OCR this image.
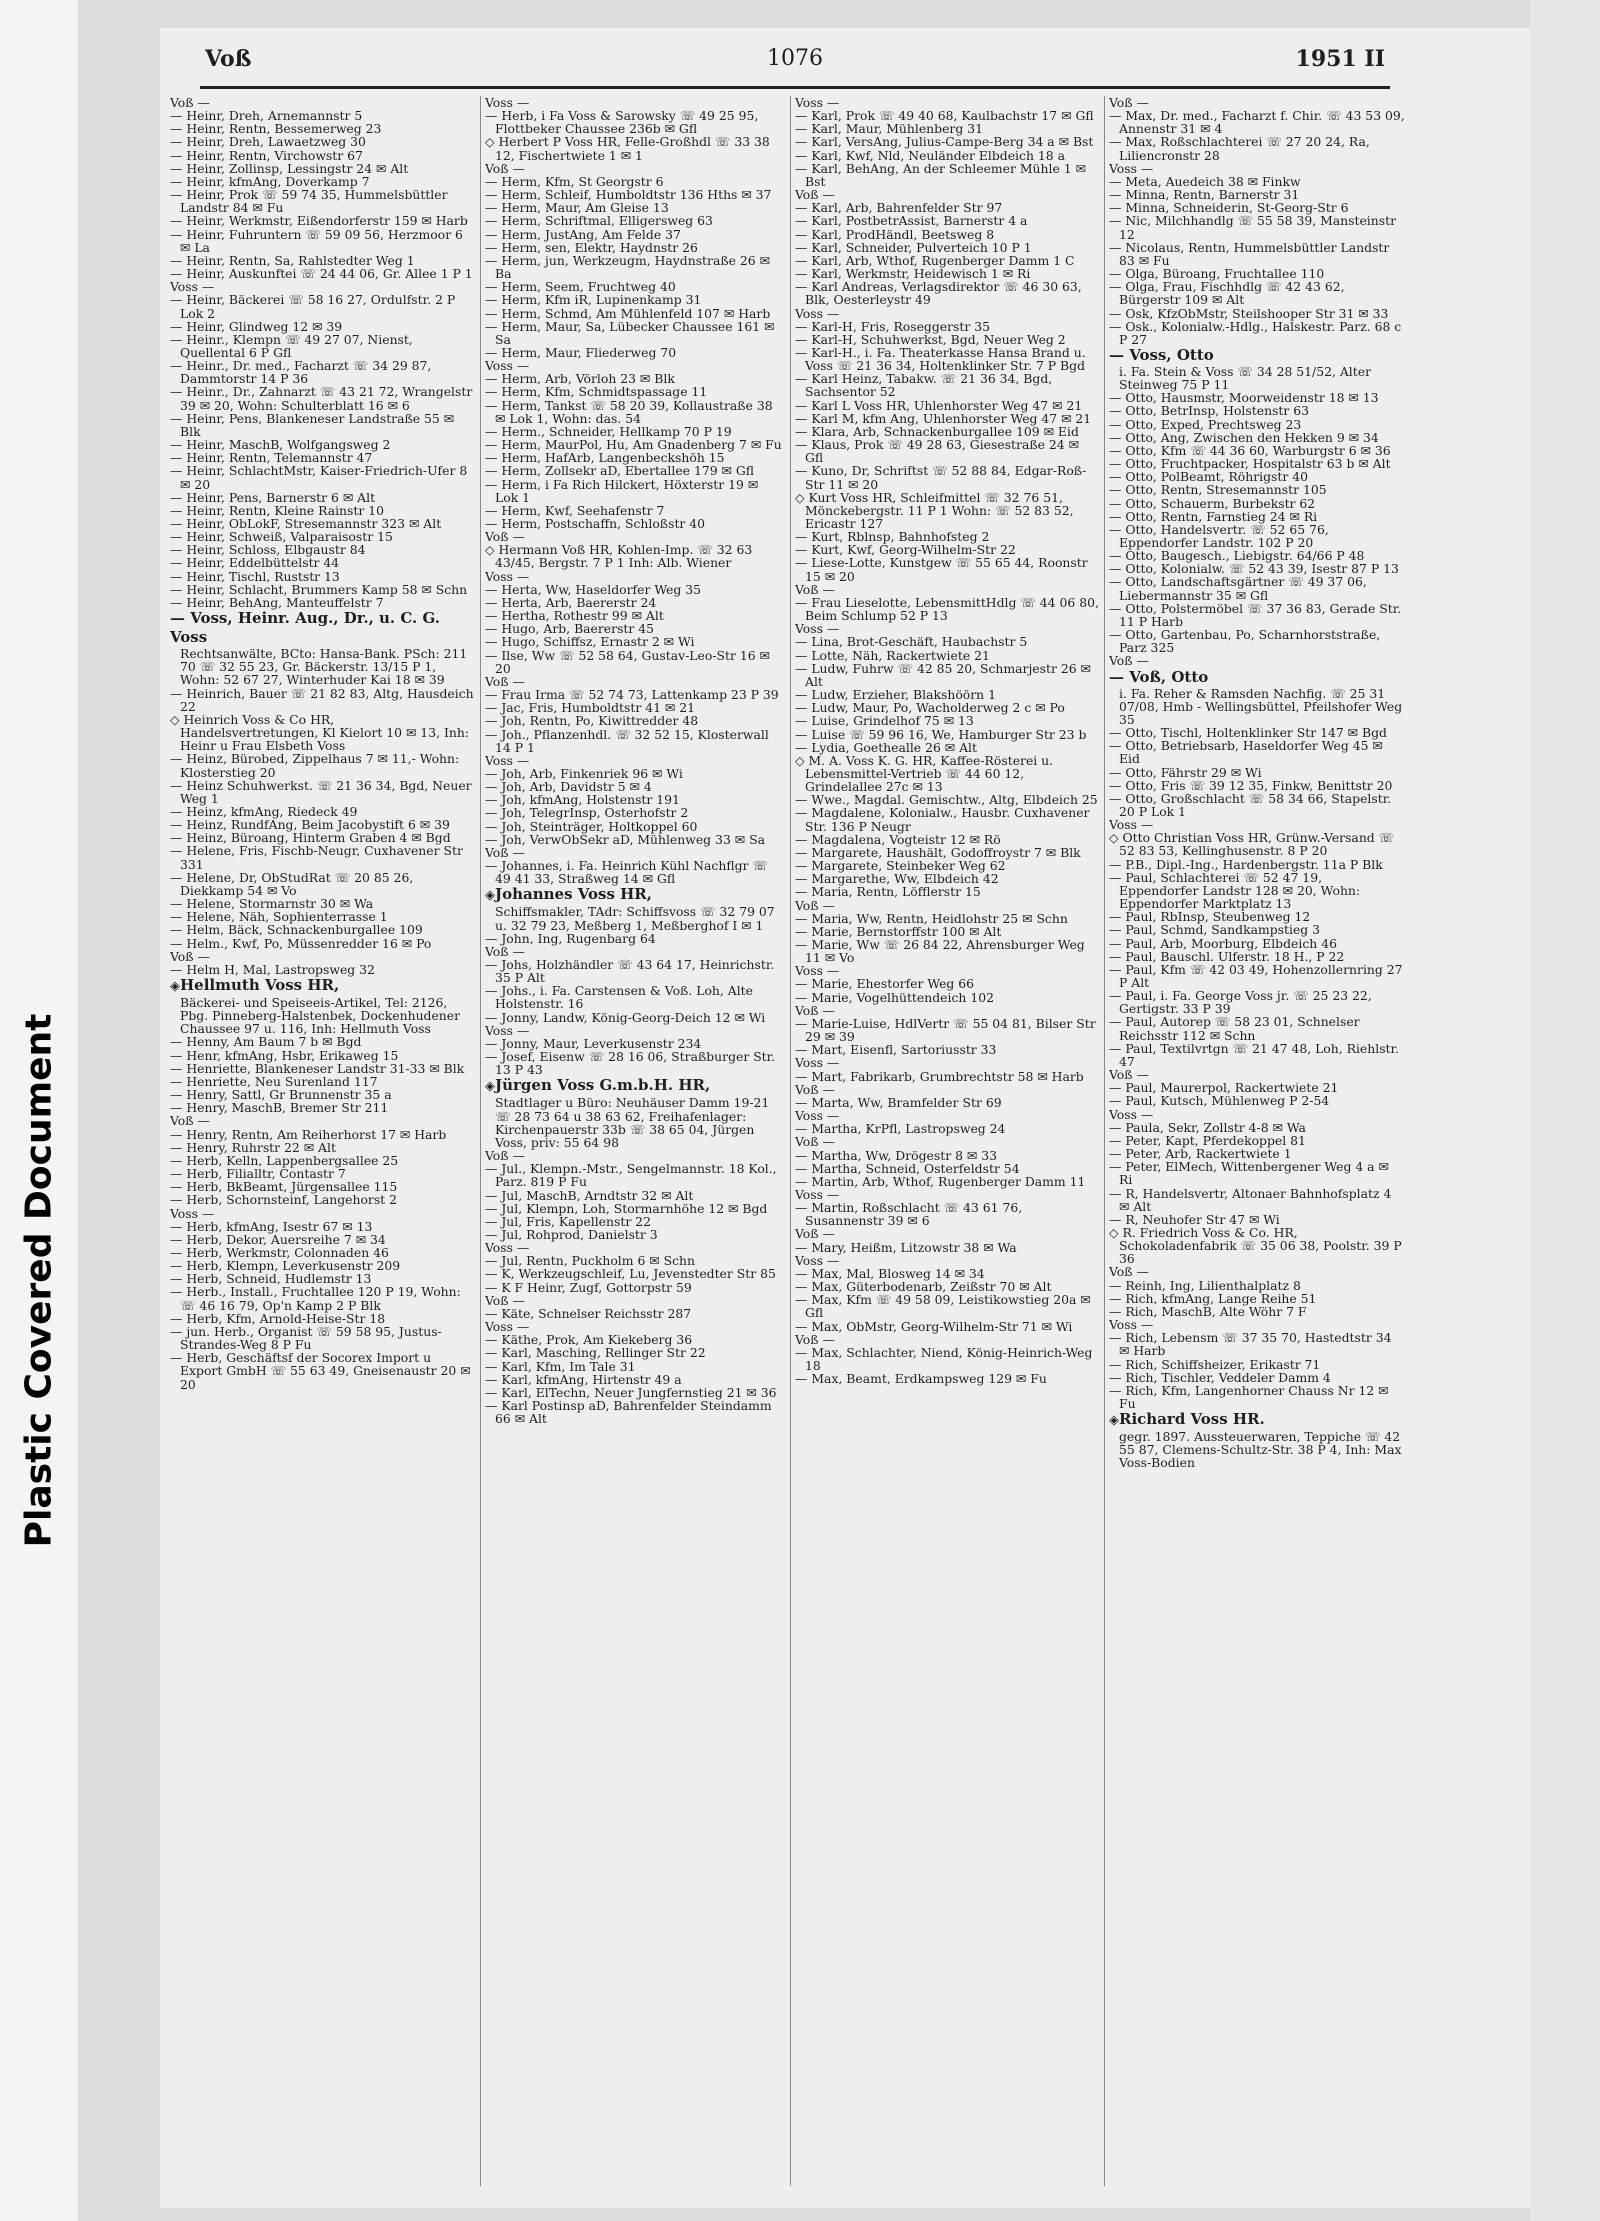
Plastic Covered Document
Voß	1076	1951 II
Voß —
— Heinr, Dreh, Arnemannstr 5
— Heinr, Rentn, Bessemerweg 23
— Heinr, Dreh, Lawaetzweg 30
— Heinr, Rentn, Virchowstr 67
— Heinr, Zollinsp, Lessingstr 24 ✉ Alt
— Heinr, kfmAng, Doverkamp 7
— Heinr, Prok ☏ 59 74 35, Hummelsbüttler Landstr 84 ✉ Fu
— Heinr, Werkmstr, Eißendorferstr 159 ✉ Harb
— Heinr, Fuhruntern ☏ 59 09 56, Herzmoor 6 ✉ La
— Heinr, Rentn, Sa, Rahlstedter Weg 1
— Heinr, Auskunftei ☏ 24 44 06, Gr. Allee 1 P 1
Voss —
— Heinr, Bäckerei ☏ 58 16 27, Ordulfstr. 2 P Lok 2
— Heinr, Glindweg 12 ✉ 39
— Heinr., Klempn ☏ 49 27 07, Nienst, Quellental 6 P Gfl
— Heinr., Dr. med., Facharzt ☏ 34 29 87, Dammtorstr 14 P 36
— Heinr., Dr., Zahnarzt ☏ 43 21 72, Wrangelstr 39 ✉ 20, Wohn: Schulterblatt 16 ✉ 6
— Heinr, Pens, Blankeneser Landstraße 55 ✉ Blk
— Heinr, MaschB, Wolfgangsweg 2
— Heinr, Rentn, Telemannstr 47
— Heinr, SchlachtMstr, Kaiser-Friedrich-Ufer 8 ✉ 20
— Heinr, Pens, Barnerstr 6 ✉ Alt
— Heinr, Rentn, Kleine Rainstr 10
— Heinr, ObLokF, Stresemannstr 323 ✉ Alt
— Heinr, Schweiß, Valparaisostr 15
— Heinr, Schloss, Elbgaustr 84
— Heinr, Eddelbüttelstr 44
— Heinr, Tischl, Ruststr 13
— Heinr, Schlacht, Brummers Kamp 58 ✉ Schn
— Heinr, BehAng, Manteuffelstr 7
— Voss, Heinr. Aug., Dr., u. C. G. Voss
Rechtsanwälte, BCto: Hansa-Bank. PSch: 211 70 ☏ 32 55 23, Gr. Bäckerstr. 13/15 P 1, Wohn: 52 67 27, Winterhuder Kai 18 ✉ 39
— Heinrich, Bauer ☏ 21 82 83, Altg, Hausdeich 22
◇ Heinrich Voss & Co HR, Handelsvertretungen, Kl Kielort 10 ✉ 13, Inh: Heinr u Frau Elsbeth Voss
— Heinz, Bürobed, Zippelhaus 7 ✉ 11,- Wohn: Klosterstieg 20
— Heinz Schuhwerkst. ☏ 21 36 34, Bgd, Neuer Weg 1
— Heinz, kfmAng, Riedeck 49
— Heinz, RundfAng, Beim Jacobystift 6 ✉ 39
— Heinz, Büroang, Hinterm Graben 4 ✉ Bgd
— Helene, Fris, Fischb-Neugr, Cuxhavener Str 331
— Helene, Dr, ObStudRat ☏ 20 85 26, Diekkamp 54 ✉ Vo
— Helene, Stormarnstr 30 ✉ Wa
— Helene, Näh, Sophienterrasse 1
— Helm, Bäck, Schnackenburgallee 109
— Helm., Kwf, Po, Müssenredder 16 ✉ Po
Voß —
— Helm H, Mal, Lastropsweg 32
◈ Hellmuth Voss HR,
Bäckerei- und Speiseeis-Artikel, Tel: 2126, Pbg. Pinneberg-Halstenbek, Dockenhudener Chaussee 97 u. 116, Inh: Hellmuth Voss
— Henny, Am Baum 7 b ✉ Bgd
— Henr, kfmAng, Hsbr, Erikaweg 15
— Henriette, Blankeneser Landstr 31-33 ✉ Blk
— Henriette, Neu Surenland 117
— Henry, Sattl, Gr Brunnenstr 35 a
— Henry, MaschB, Bremer Str 211
Voß —
— Henry, Rentn, Am Reiherhorst 17 ✉ Harb
— Henry, Ruhrstr 22 ✉ Alt
— Herb, Kelln, Lappenbergsallee 25
— Herb, Filialltr, Contastr 7
— Herb, BkBeamt, Jürgensallee 115
— Herb, Schornsteinf, Langehorst 2
Voss —
— Herb, kfmAng, Isestr 67 ✉ 13
— Herb, Dekor, Auersreihe 7 ✉ 34
— Herb, Werkmstr, Colonnaden 46
— Herb, Klempn, Leverkusenstr 209
— Herb, Schneid, Hudlemstr 13
— Herb., Install., Fruchtallee 120 P 19, Wohn: ☏ 46 16 79, Op'n Kamp 2 P Blk
— Herb, Kfm, Arnold-Heise-Str 18
— jun. Herb., Organist ☏ 59 58 95, Justus-Strandes-Weg 8 P Fu
— Herb, Geschäftsf der Socorex Import u Export GmbH ☏ 55 63 49, Gneisenaustr 20 ✉ 20
Voss —
— Herb, i Fa Voss & Sarowsky ☏ 49 25 95, Flottbeker Chaussee 236b ✉ Gfl
◇ Herbert P Voss HR, Felle-Großhdl ☏ 33 38 12, Fischertwiete 1 ✉ 1
Voß —
— Herm, Kfm, St Georgstr 6
— Herm, Schleif, Humboldtstr 136 Hths ✉ 37
— Herm, Maur, Am Gleise 13
— Herm, Schriftmal, Elligersweg 63
— Herm, JustAng, Am Felde 37
— Herm, sen, Elektr, Haydnstr 26
— Herm, jun, Werkzeugm, Haydnstraße 26 ✉ Ba
— Herm, Seem, Fruchtweg 40
— Herm, Kfm iR, Lupinenkamp 31
— Herm, Schmd, Am Mühlenfeld 107 ✉ Harb
— Herm, Maur, Sa, Lübecker Chaussee 161 ✉ Sa
— Herm, Maur, Fliederweg 70
Voss —
— Herm, Arb, Vörloh 23 ✉ Blk
— Herm, Kfm, Schmidtspassage 11
— Herm, Tankst ☏ 58 20 39, Kollaustraße 38 ✉ Lok 1, Wohn: das. 54
— Herm., Schneider, Hellkamp 70 P 19
— Herm, MaurPol, Hu, Am Gnadenberg 7 ✉ Fu
— Herm, HafArb, Langenbeckshöh 15
— Herm, Zollsekr aD, Ebertallee 179 ✉ Gfl
— Herm, i Fa Rich Hilckert, Höxterstr 19 ✉ Lok 1
— Herm, Kwf, Seehafenstr 7
— Herm, Postschaffn, Schloßstr 40
Voß —
◇ Hermann Voß HR, Kohlen-Imp. ☏ 32 63 43/45, Bergstr. 7 P 1 Inh: Alb. Wiener
Voss —
— Herta, Ww, Haseldorfer Weg 35
— Herta, Arb, Baererstr 24
— Hertha, Rothestr 99 ✉ Alt
— Hugo, Arb, Baererstr 45
— Hugo, Schiffsz, Ernastr 2 ✉ Wi
— Ilse, Ww ☏ 52 58 64, Gustav-Leo-Str 16 ✉ 20
Voß —
— Frau Irma ☏ 52 74 73, Lattenkamp 23 P 39
— Jac, Fris, Humboldtstr 41 ✉ 21
— Joh, Rentn, Po, Kiwittredder 48
— Joh., Pflanzenhdl. ☏ 32 52 15, Klosterwall 14 P 1
Voss —
— Joh, Arb, Finkenriek 96 ✉ Wi
— Joh, Arb, Davidstr 5 ✉ 4
— Joh, kfmAng, Holstenstr 191
— Joh, TelegrInsp, Osterhofstr 2
— Joh, Steinträger, Holtkoppel 60
— Joh, VerwObSekr aD, Mühlenweg 33 ✉ Sa
Voß —
— Johannes, i. Fa. Heinrich Kühl Nachflgr ☏ 49 41 33, Straßweg 14 ✉ Gfl
◈ Johannes Voss HR,
Schiffsmakler, TAdr: Schiffsvoss ☏ 32 79 07 u. 32 79 23, Meßberg 1, Meßberghof I ✉ 1
— John, Ing, Rugenbarg 64
Voß —
— Johs, Holzhändler ☏ 43 64 17, Heinrichstr. 35 P Alt
— Johs., i. Fa. Carstensen & Voß. Loh, Alte Holstenstr. 16
— Jonny, Landw, König-Georg-Deich 12 ✉ Wi
Voss —
— Jonny, Maur, Leverkusenstr 234
— Josef, Eisenw ☏ 28 16 06, Straßburger Str. 13 P 43
◈ Jürgen Voss G.m.b.H. HR,
Stadtlager u Büro: Neuhäuser Damm 19-21 ☏ 28 73 64 u 38 63 62, Freihafenlager: Kirchenpauerstr 33b ☏ 38 65 04, Jürgen Voss, priv: 55 64 98
Voß —
— Jul., Klempn.-Mstr., Sengelmannstr. 18 Kol., Parz. 819 P Fu
— Jul, MaschB, Arndtstr 32 ✉ Alt
— Jul, Klempn, Loh, Stormarnhöhe 12 ✉ Bgd
— Jul, Fris, Kapellenstr 22
— Jul, Rohprod, Danielstr 3
Voss —
— Jul, Rentn, Puckholm 6 ✉ Schn
— K, Werkzeugschleif, Lu, Jevenstedter Str 85
— K F Heinr, Zugf, Gottorpstr 59
Voß —
— Käte, Schnelser Reichsstr 287
Voss —
— Käthe, Prok, Am Kiekeberg 36
— Karl, Masching, Rellinger Str 22
— Karl, Kfm, Im Tale 31
— Karl, kfmAng, Hirtenstr 49 a
— Karl, ElTechn, Neuer Jungfernstieg 21 ✉ 36
— Karl Postinsp aD, Bahrenfelder Steindamm 66 ✉ Alt
Voss —
— Karl, Prok ☏ 49 40 68, Kaulbachstr 17 ✉ Gfl
— Karl, Maur, Mühlenberg 31
— Karl, VersAng, Julius-Campe-Berg 34 a ✉ Bst
— Karl, Kwf, Nld, Neuländer Elbdeich 18 a
— Karl, BehAng, An der Schleemer Mühle 1 ✉ Bst
Voß —
— Karl, Arb, Bahrenfelder Str 97
— Karl, PostbetrAssist, Barnerstr 4 a
— Karl, ProdHändl, Beetsweg 8
— Karl, Schneider, Pulverteich 10 P 1
— Karl, Arb, Wthof, Rugenberger Damm 1 C
— Karl, Werkmstr, Heidewisch 1 ✉ Ri
— Karl Andreas, Verlagsdirektor ☏ 46 30 63, Blk, Oesterleystr 49
Voss —
— Karl-H, Fris, Roseggerstr 35
— Karl-H, Schuhwerkst, Bgd, Neuer Weg 2
— Karl-H., i. Fa. Theaterkasse Hansa Brand u. Voss ☏ 21 36 34, Holtenklinker Str. 7 P Bgd
— Karl Heinz, Tabakw. ☏ 21 36 34, Bgd, Sachsentor 52
— Karl L Voss HR, Uhlenhorster Weg 47 ✉ 21
— Karl M, kfm Ang, Uhlenhorster Weg 47 ✉ 21
— Klara, Arb, Schnackenburgallee 109 ✉ Eid
— Klaus, Prok ☏ 49 28 63, Giesestraße 24 ✉ Gfl
— Kuno, Dr, Schriftst ☏ 52 88 84, Edgar-Roß-Str 11 ✉ 20
◇ Kurt Voss HR, Schleifmittel ☏ 32 76 51, Mönckebergstr. 11 P 1 Wohn: ☏ 52 83 52, Ericastr 127
— Kurt, Rblnsp, Bahnhofsteg 2
— Kurt, Kwf, Georg-Wilhelm-Str 22
— Liese-Lotte, Kunstgew ☏ 55 65 44, Roonstr 15 ✉ 20
Voß —
— Frau Lieselotte, LebensmittHdlg ☏ 44 06 80, Beim Schlump 52 P 13
Voss —
— Lina, Brot-Geschäft, Haubachstr 5
— Lotte, Näh, Rackertwiete 21
— Ludw, Fuhrw ☏ 42 85 20, Schmarjestr 26 ✉ Alt
— Ludw, Erzieher, Blakshöörn 1
— Ludw, Maur, Po, Wacholderweg 2 c ✉ Po
— Luise, Grindelhof 75 ✉ 13
— Luise ☏ 59 96 16, We, Hamburger Str 23 b
— Lydia, Goethealle 26 ✉ Alt
◇ M. A. Voss K. G. HR, Kaffee-Rösterei u. Lebensmittel-Vertrieb ☏ 44 60 12, Grindelallee 27c ✉ 13
— Wwe., Magdal. Gemischtw., Altg, Elbdeich 25
— Magdalene, Kolonialw., Hausbr. Cuxhavener Str. 136 P Neugr
— Magdalena, Vogteistr 12 ✉ Rö
— Margarete, Haushält, Godoffroystr 7 ✉ Blk
— Margarete, Steinbeker Weg 62
— Margarethe, Ww, Elbdeich 42
— Maria, Rentn, Löfflerstr 15
Voß —
— Maria, Ww, Rentn, Heidlohstr 25 ✉ Schn
— Marie, Bernstorffstr 100 ✉ Alt
— Marie, Ww ☏ 26 84 22, Ahrensburger Weg 11 ✉ Vo
Voss —
— Marie, Ehestorfer Weg 66
— Marie, Vogelhüttendeich 102
Voß —
— Marie-Luise, HdlVertr ☏ 55 04 81, Bilser Str 29 ✉ 39
— Mart, Eisenfl, Sartoriusstr 33
Voss —
— Mart, Fabrikarb, Grumbrechtstr 58 ✉ Harb
Voß —
— Marta, Ww, Bramfelder Str 69
Voss —
— Martha, KrPfl, Lastropsweg 24
Voß —
— Martha, Ww, Drögestr 8 ✉ 33
— Martha, Schneid, Osterfeldstr 54
— Martin, Arb, Wthof, Rugenberger Damm 11
Voss —
— Martin, Roßschlacht ☏ 43 61 76, Susannenstr 39 ✉ 6
Voß —
— Mary, Heißm, Litzowstr 38 ✉ Wa
Voss —
— Max, Mal, Blosweg 14 ✉ 34
— Max, Güterbodenarb, Zeißstr 70 ✉ Alt
— Max, Kfm ☏ 49 58 09, Leistikowstieg 20a ✉ Gfl
— Max, ObMstr, Georg-Wilhelm-Str 71 ✉ Wi
Voß —
— Max, Schlachter, Niend, König-Heinrich-Weg 18
— Max, Beamt, Erdkampsweg 129 ✉ Fu
Voß —
— Max, Dr. med., Facharzt f. Chir. ☏ 43 53 09, Annenstr 31 ✉ 4
— Max, Roßschlachterei ☏ 27 20 24, Ra, Liliencronstr 28
Voss —
— Meta, Auedeich 38 ✉ Finkw
— Minna, Rentn, Barnerstr 31
— Minna, Schneiderin, St-Georg-Str 6
— Nic, Milchhandlg ☏ 55 58 39, Mansteinstr 12
— Nicolaus, Rentn, Hummelsbüttler Landstr 83 ✉ Fu
— Olga, Büroang, Fruchtallee 110
— Olga, Frau, Fischhdlg ☏ 42 43 62, Bürgerstr 109 ✉ Alt
— Osk, KfzObMstr, Steilshooper Str 31 ✉ 33
— Osk., Kolonialw.-Hdlg., Halskestr. Parz. 68 c P 27
— Voss, Otto
i. Fa. Stein & Voss ☏ 34 28 51/52, Alter Steinweg 75 P 11
— Otto, Hausmstr, Moorweidenstr 18 ✉ 13
— Otto, BetrInsp, Holstenstr 63
— Otto, Exped, Prechtsweg 23
— Otto, Ang, Zwischen den Hekken 9 ✉ 34
— Otto, Kfm ☏ 44 36 60, Warburgstr 6 ✉ 36
— Otto, Fruchtpacker, Hospitalstr 63 b ✉ Alt
— Otto, PolBeamt, Röhrigstr 40
— Otto, Rentn, Stresemannstr 105
— Otto, Schauerm, Burbekstr 62
— Otto, Rentn, Farnstieg 24 ✉ Ri
— Otto, Handelsvertr. ☏ 52 65 76, Eppendorfer Landstr. 102 P 20
— Otto, Baugesch., Liebigstr. 64/66 P 48
— Otto, Kolonialw. ☏ 52 43 39, Isestr 87 P 13
— Otto, Landschaftsgärtner ☏ 49 37 06, Liebermannstr 35 ✉ Gfl
— Otto, Polstermöbel ☏ 37 36 83, Gerade Str. 11 P Harb
— Otto, Gartenbau, Po, Scharnhorststraße, Parz 325
Voß —
— Voß, Otto
i. Fa. Reher & Ramsden Nachfig. ☏ 25 31 07/08, Hmb - Wellingsbüttel, Pfeilshofer Weg 35
— Otto, Tischl, Holtenklinker Str 147 ✉ Bgd
— Otto, Betriebsarb, Haseldorfer Weg 45 ✉ Eid
— Otto, Fährstr 29 ✉ Wi
— Otto, Fris ☏ 39 12 35, Finkw, Benittstr 20
— Otto, Großschlacht ☏ 58 34 66, Stapelstr. 20 P Lok 1
Voss —
◇ Otto Christian Voss HR, Grünw.-Versand ☏ 52 83 53, Kellinghusenstr. 8 P 20
— P.B., Dipl.-Ing., Hardenbergstr. 11a P Blk
— Paul, Schlachterei ☏ 52 47 19, Eppendorfer Landstr 128 ✉ 20, Wohn: Eppendorfer Marktplatz 13
— Paul, RbInsp, Steubenweg 12
— Paul, Schmd, Sandkampstieg 3
— Paul, Arb, Moorburg, Elbdeich 46
— Paul, Bauschl. Ulferstr. 18 H., P 22
— Paul, Kfm ☏ 42 03 49, Hohenzollernring 27 P Alt
— Paul, i. Fa. George Voss jr. ☏ 25 23 22, Gertigstr. 33 P 39
— Paul, Autorep ☏ 58 23 01, Schnelser Reichsstr 112 ✉ Schn
— Paul, Textilvrtgn ☏ 21 47 48, Loh, Riehlstr. 47
Voß —
— Paul, Maurerpol, Rackertwiete 21
— Paul, Kutsch, Mühlenweg P 2-54
Voss —
— Paula, Sekr, Zollstr 4-8 ✉ Wa
— Peter, Kapt, Pferdekoppel 81
— Peter, Arb, Rackertwiete 1
— Peter, ElMech, Wittenbergener Weg 4 a ✉ Ri
— R, Handelsvertr, Altonaer Bahnhofsplatz 4 ✉ Alt
— R, Neuhofer Str 47 ✉ Wi
◇ R. Friedrich Voss & Co. HR, Schokoladenfabrik ☏ 35 06 38, Poolstr. 39 P 36
Voß —
— Reinh, Ing, Lilienthalplatz 8
— Rich, kfmAng, Lange Reihe 51
— Rich, MaschB, Alte Wöhr 7 F
Voss —
— Rich, Lebensm ☏ 37 35 70, Hastedtstr 34 ✉ Harb
— Rich, Schiffsheizer, Erikastr 71
— Rich, Tischler, Veddeler Damm 4
— Rich, Kfm, Langenhorner Chauss Nr 12 ✉ Fu
◈ Richard Voss HR.
gegr. 1897. Aussteuerwaren, Teppiche ☏ 42 55 87, Clemens-Schultz-Str. 38 P 4, Inh: Max Voss-Bodien
